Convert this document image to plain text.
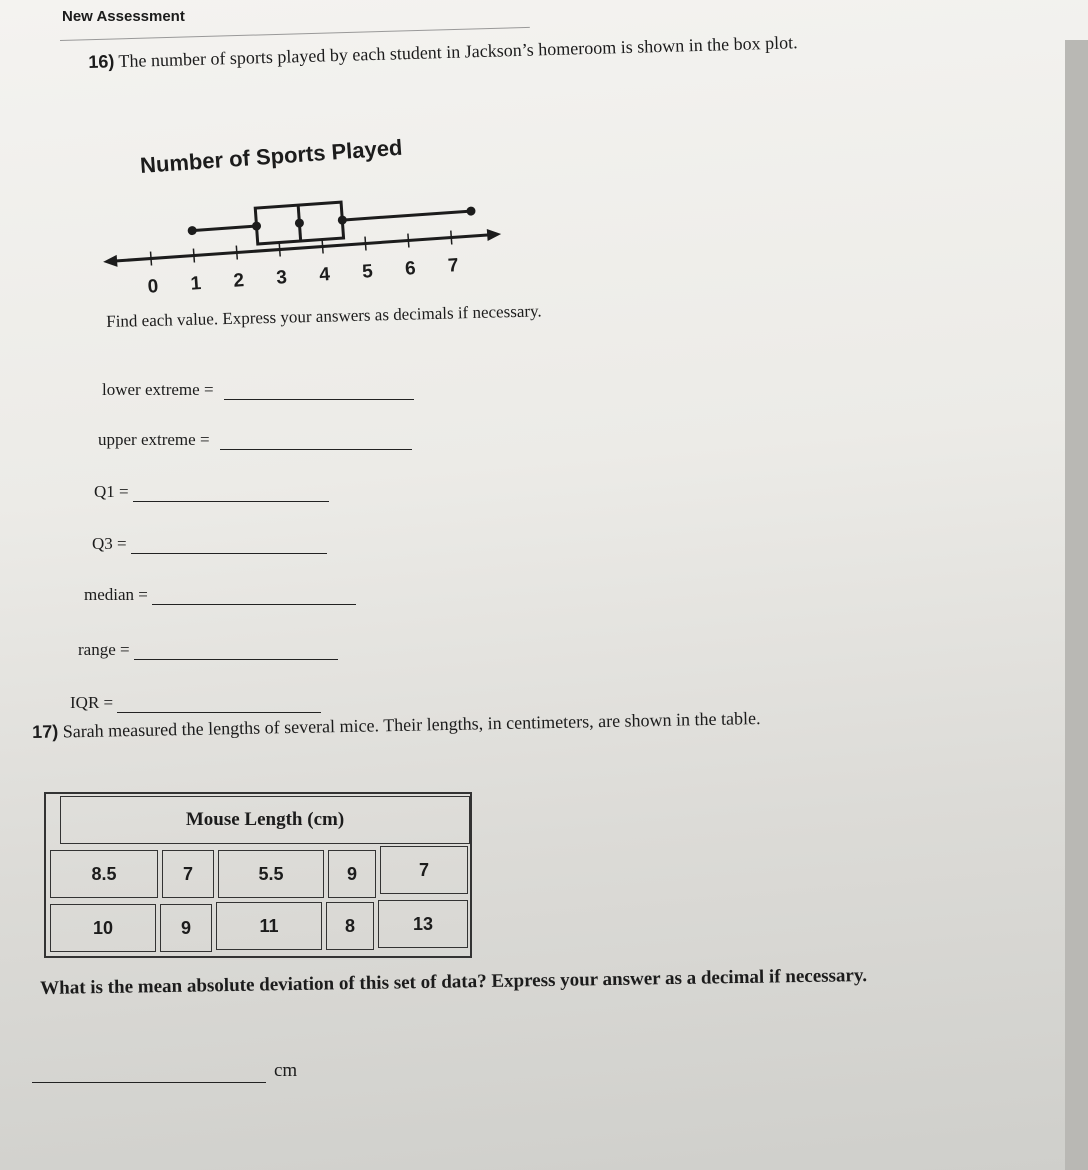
New Assessment
16) The number of sports played by each student in Jackson’s homeroom is shown in the box plot.
Number of Sports Played
0 1 2 3 4 5 6 7
Find each value. Express your answers as decimals if necessary.
lower extreme =
upper extreme =
Q1 =
Q3 =
median =
range =
IQR =
17) Sarah measured the lengths of several mice. Their lengths, in centimeters, are shown in the table.
Mouse Length (cm)
8.5	7	5.5	9	7
10	9	11	8	13
What is the mean absolute deviation of this set of data? Express your answer as a decimal if necessary.
cm
